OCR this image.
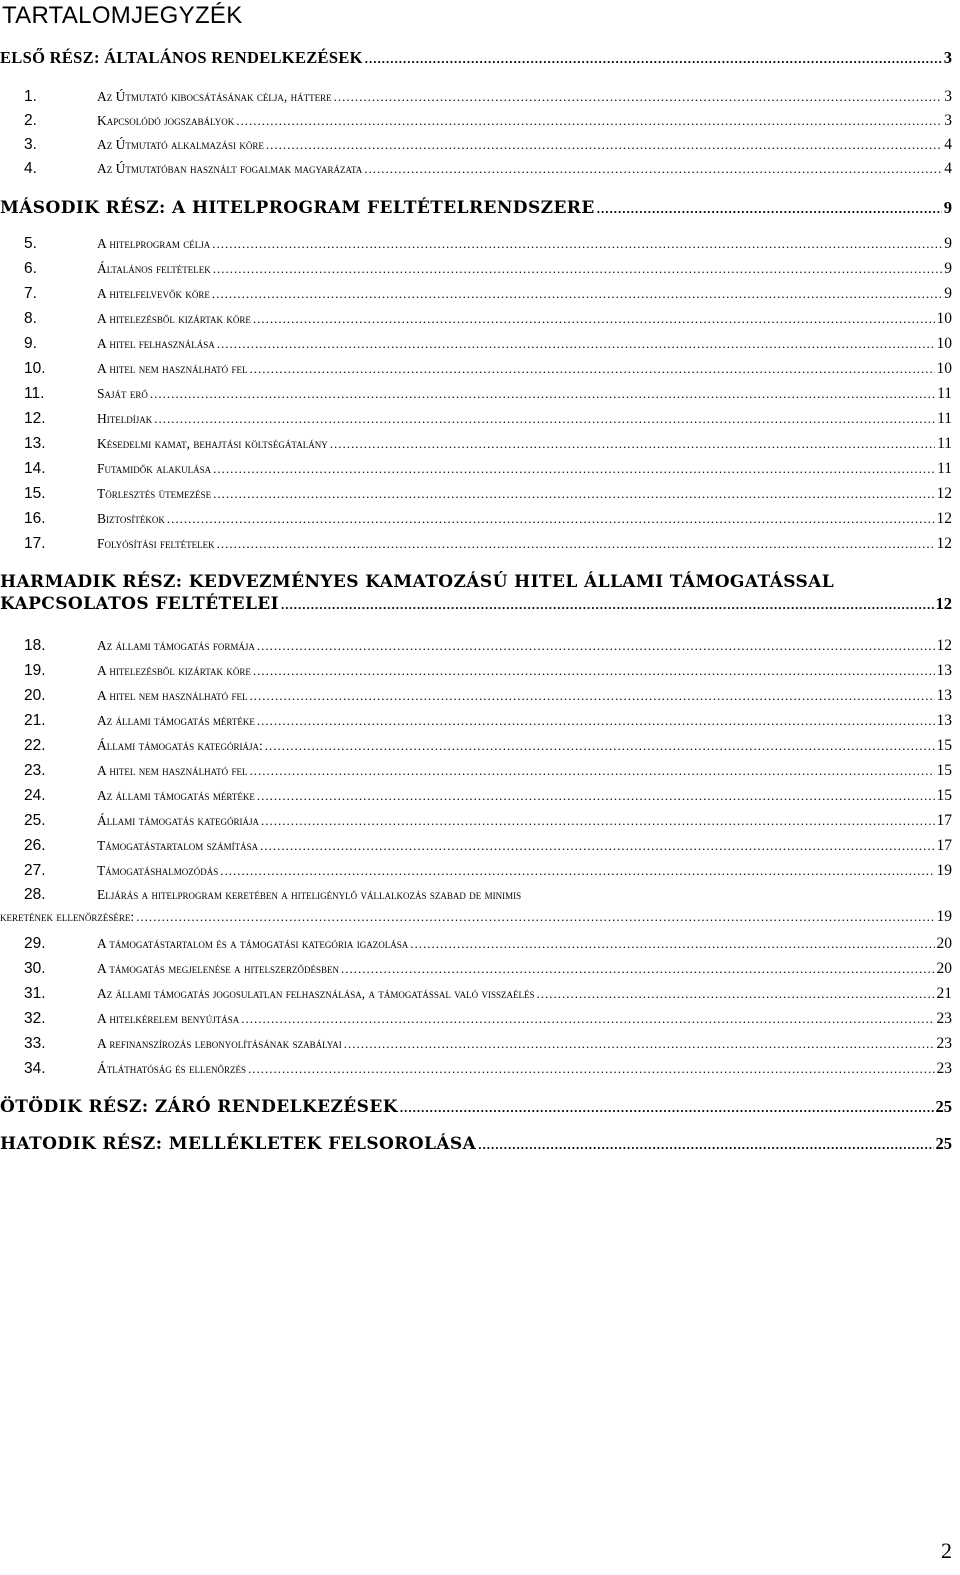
TARTALOMJEGYZÉK
ELSŐ RÉSZ: ÁLTALÁNOS RENDELKEZÉSEK .....	3
1.	Az Útmutató kibocsátásának célja, háttere .....	3
2.	Kapcsolódó jogszabályok .....	3
3.	Az Útmutató alkalmazási köre .....	4
4.	Az Útmutatóban használt fogalmak magyarázata .....	4
MÁSODIK RÉSZ: A HITELPROGRAM FELTÉTELRENDSZERE .....	9
5.	A hitelprogram célja .....	9
6.	Általános feltételek .....	9
7.	A hitelfelvevők köre .....	9
8.	A hitelezésből kizártak köre .....	10
9.	A hitel felhasználása .....	10
10.	A hitel nem használható fel .....	10
11.	Saját erő .....	11
12.	Hiteldíjak .....	11
13.	Késedelmi kamat, behajtási költségátalány .....	11
14.	Futamidők alakulása .....	11
15.	Törlesztés ütemezése .....	12
16.	Biztosítékok .....	12
17.	Folyósítási feltételek .....	12
HARMADIK RÉSZ: KEDVEZMÉNYES KAMATOZÁSÚ HITEL ÁLLAMI TÁMOGATÁSSAL
KAPCSOLATOS FELTÉTELEI .....	12
18.	Az állami támogatás formája .....	12
19.	A hitelezésből kizártak köre .....	13
20.	A hitel nem használható fel .....	13
21.	Az állami támogatás mértéke .....	13
22.	Állami támogatás kategóriája: .....	15
23.	A hitel nem használható fel .....	15
24.	Az állami támogatás mértéke .....	15
25.	Állami támogatás kategóriája .....	17
26.	Támogatástartalom számítása .....	17
27.	Támogatáshalmozódás .....	19
28.	Eljárás a hitelprogram keretében a hiteligénylő vállalkozás szabad de minimis
keretének ellenőrzésére: .....	19
29.	A támogatástartalom és a támogatási kategória igazolása .....	20
30.	A támogatás megjelenése a hitelszerződésben .....	20
31.	Az állami támogatás jogosulatlan felhasználása, a támogatással való visszaélés .....	21
32.	A hitelkérelem benyújtása .....	23
33.	A refinanszírozás lebonyolításának szabályai .....	23
34.	Átláthatóság és ellenőrzés .....	23
ÖTÖDIK RÉSZ: ZÁRÓ RENDELKEZÉSEK .....	25
HATODIK RÉSZ: MELLÉKLETEK FELSOROLÁSA .....	25
2
